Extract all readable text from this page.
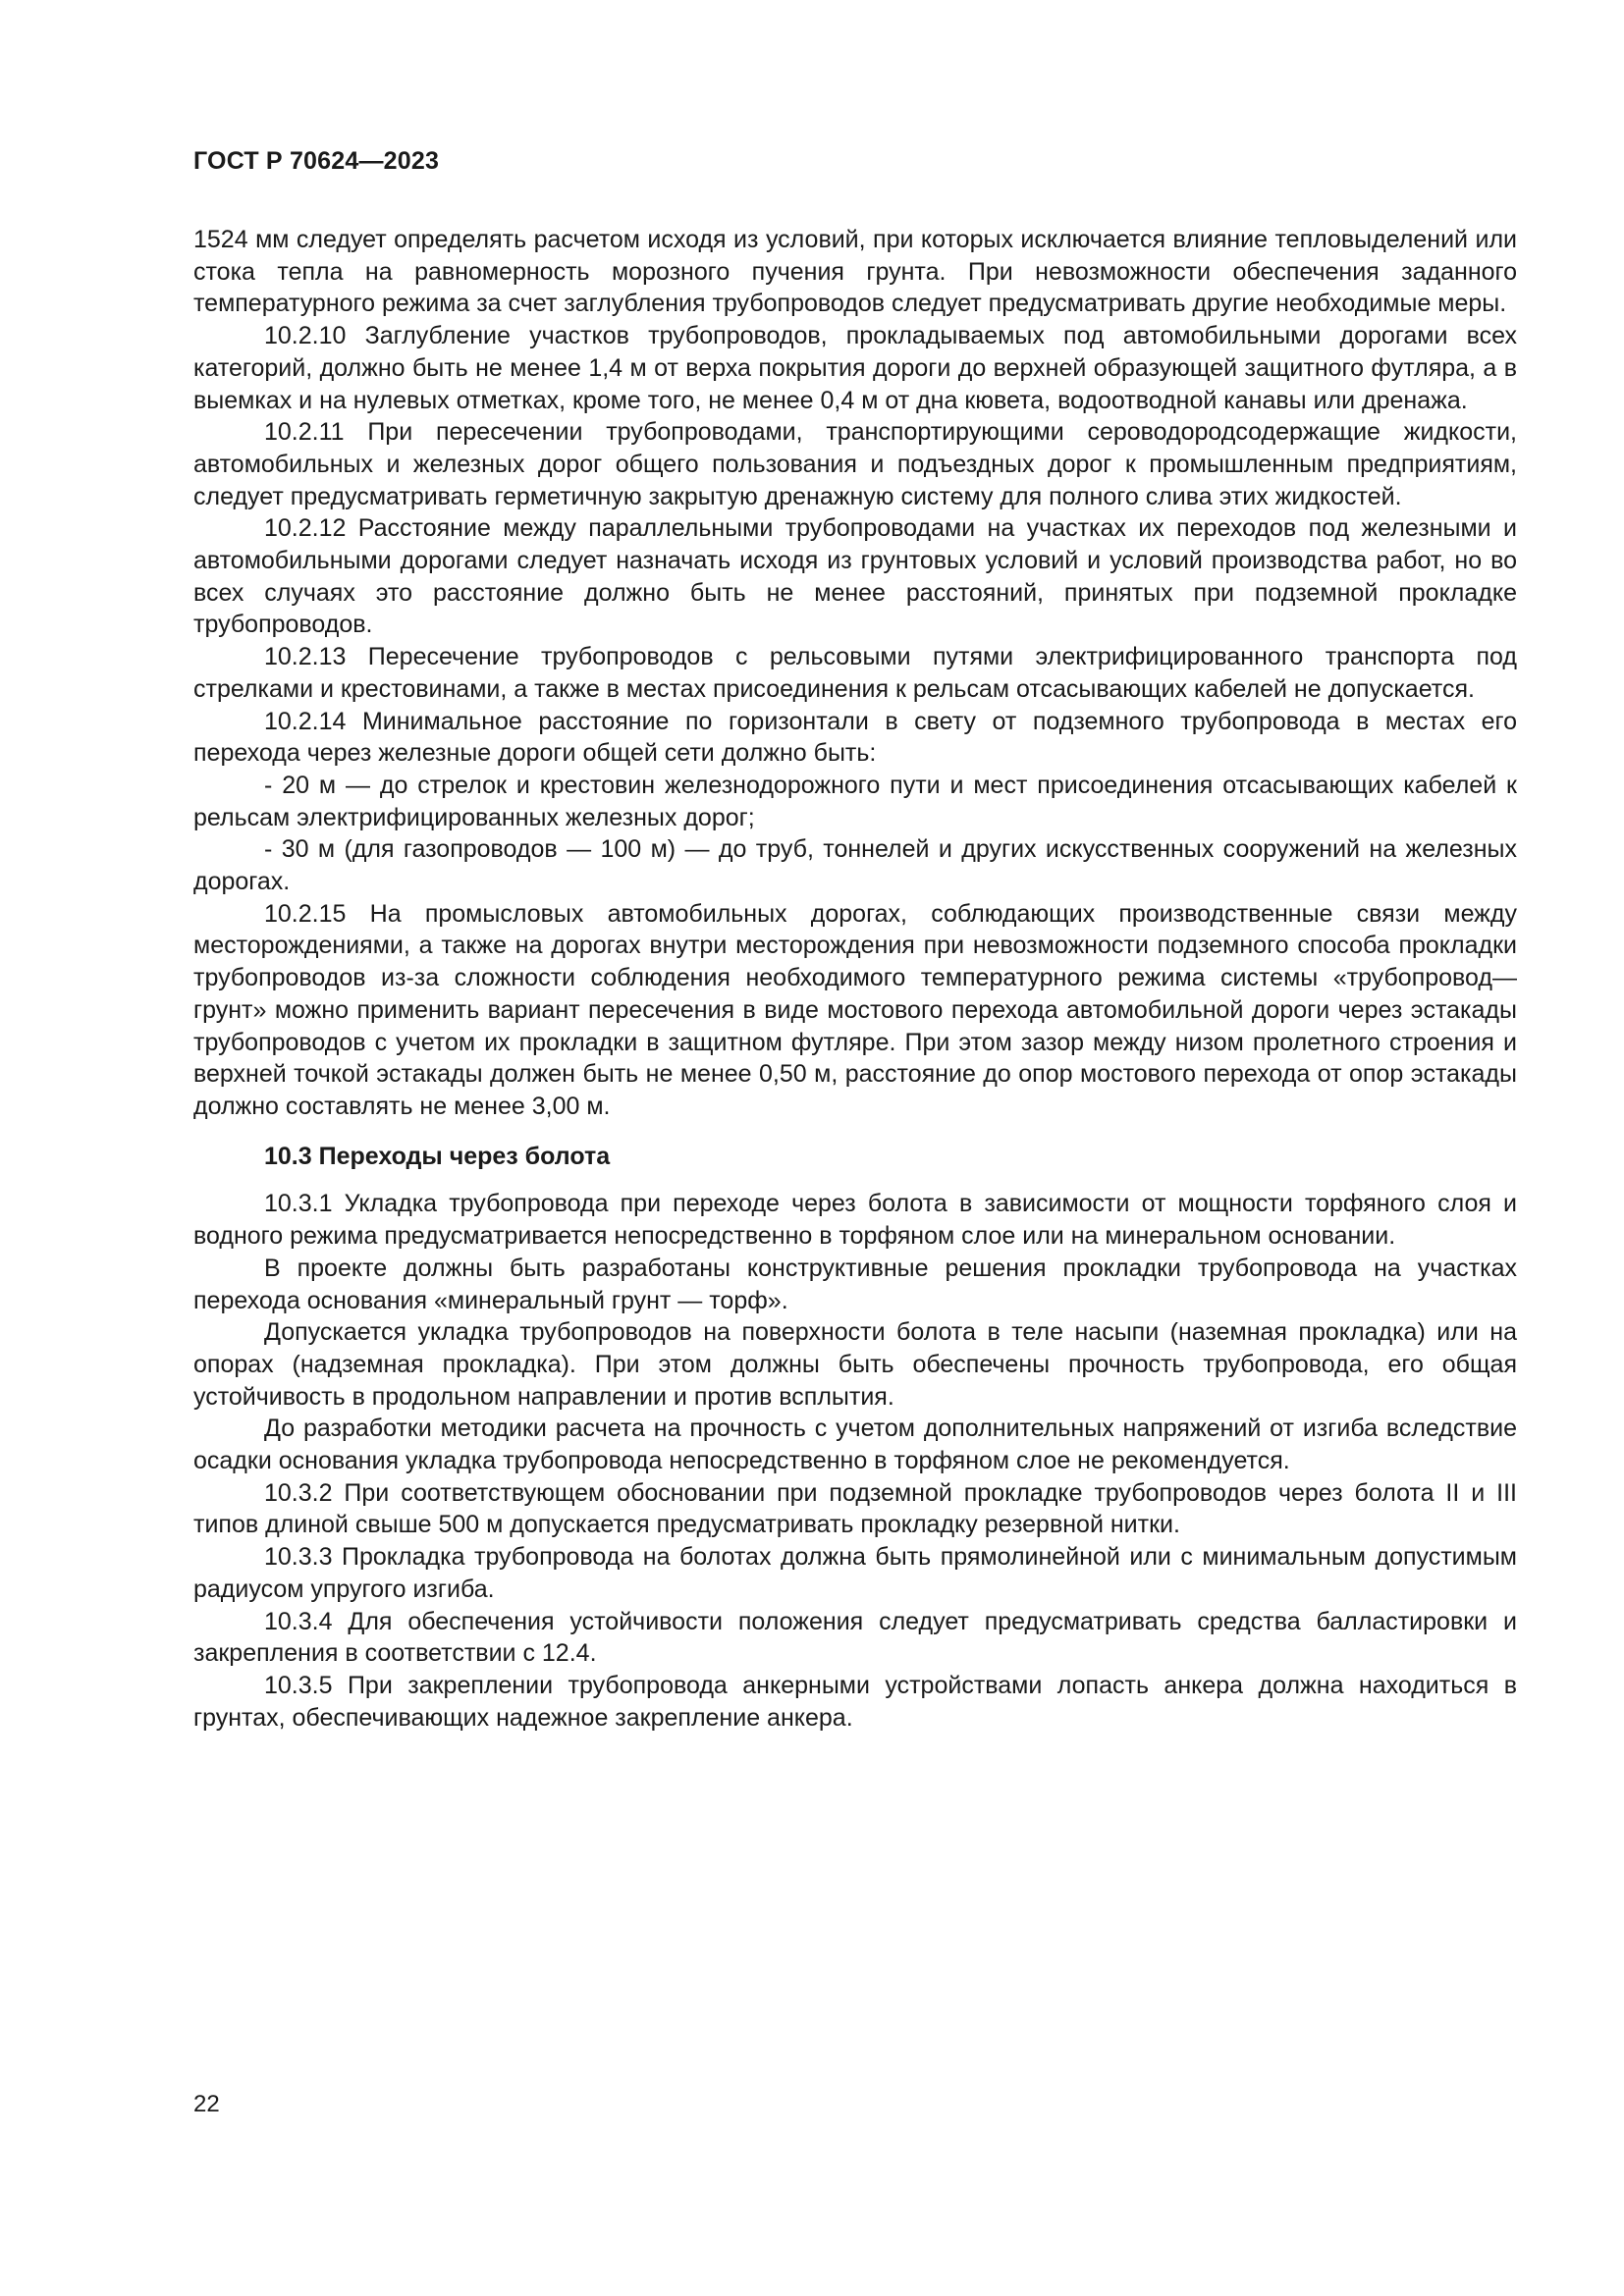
ГОСТ Р 70624—2023

1524 мм следует определять расчетом исходя из условий, при которых исключается влияние тепловыделений или стока тепла на равномерность морозного пучения грунта. При невозможности обеспечения заданного температурного режима за счет заглубления трубопроводов следует предусматривать другие необходимые меры.

10.2.10 Заглубление участков трубопроводов, прокладываемых под автомобильными дорогами всех категорий, должно быть не менее 1,4 м от верха покрытия дороги до верхней образующей защитного футляра, а в выемках и на нулевых отметках, кроме того, не менее 0,4 м от дна кювета, водоотводной канавы или дренажа.

10.2.11 При пересечении трубопроводами, транспортирующими сероводородсодержащие жидкости, автомобильных и железных дорог общего пользования и подъездных дорог к промышленным предприятиям, следует предусматривать герметичную закрытую дренажную систему для полного слива этих жидкостей.

10.2.12 Расстояние между параллельными трубопроводами на участках их переходов под железными и автомобильными дорогами следует назначать исходя из грунтовых условий и условий производства работ, но во всех случаях это расстояние должно быть не менее расстояний, принятых при подземной прокладке трубопроводов.

10.2.13 Пересечение трубопроводов с рельсовыми путями электрифицированного транспорта под стрелками и крестовинами, а также в местах присоединения к рельсам отсасывающих кабелей не допускается.

10.2.14 Минимальное расстояние по горизонтали в свету от подземного трубопровода в местах его перехода через железные дороги общей сети должно быть:

- 20 м — до стрелок и крестовин железнодорожного пути и мест присоединения отсасывающих кабелей к рельсам электрифицированных железных дорог;

- 30 м (для газопроводов — 100 м) — до труб, тоннелей и других искусственных сооружений на железных дорогах.

10.2.15 На промысловых автомобильных дорогах, соблюдающих производственные связи между месторождениями, а также на дорогах внутри месторождения при невозможности подземного способа прокладки трубопроводов из-за сложности соблюдения необходимого температурного режима системы «трубопровод—грунт» можно применить вариант пересечения в виде мостового перехода автомобильной дороги через эстакады трубопроводов с учетом их прокладки в защитном футляре. При этом зазор между низом пролетного строения и верхней точкой эстакады должен быть не менее 0,50 м, расстояние до опор мостового перехода от опор эстакады должно составлять не менее 3,00 м.

10.3 Переходы через болота

10.3.1 Укладка трубопровода при переходе через болота в зависимости от мощности торфяного слоя и водного режима предусматривается непосредственно в торфяном слое или на минеральном основании.

В проекте должны быть разработаны конструктивные решения прокладки трубопровода на участках перехода основания «минеральный грунт — торф».

Допускается укладка трубопроводов на поверхности болота в теле насыпи (наземная прокладка) или на опорах (надземная прокладка). При этом должны быть обеспечены прочность трубопровода, его общая устойчивость в продольном направлении и против всплытия.

До разработки методики расчета на прочность с учетом дополнительных напряжений от изгиба вследствие осадки основания укладка трубопровода непосредственно в торфяном слое не рекомендуется.

10.3.2 При соответствующем обосновании при подземной прокладке трубопроводов через болота II и III типов длиной свыше 500 м допускается предусматривать прокладку резервной нитки.

10.3.3 Прокладка трубопровода на болотах должна быть прямолинейной или с минимальным допустимым радиусом упругого изгиба.

10.3.4 Для обеспечения устойчивости положения следует предусматривать средства балластировки и закрепления в соответствии с 12.4.

10.3.5 При закреплении трубопровода анкерными устройствами лопасть анкера должна находиться в грунтах, обеспечивающих надежное закрепление анкера.

22
